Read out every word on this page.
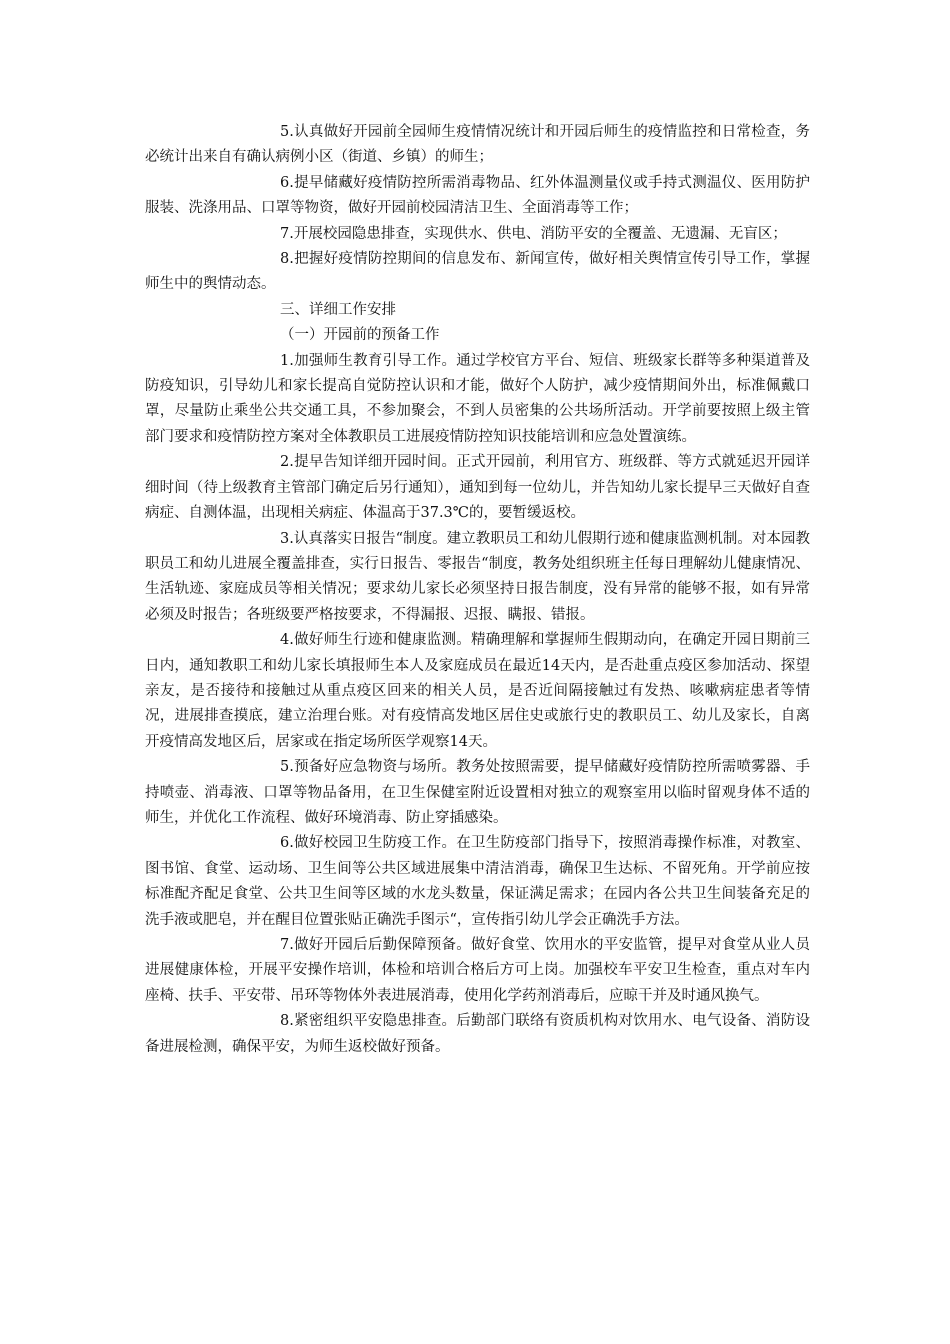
5.认真做好开园前全园师生疫情情况统计和开园后师生的疫情监控和日常检查，务必统计出来自有确认病例小区（街道、乡镇）的师生；

6.提早储藏好疫情防控所需消毒物品、红外体温测量仪或手持式测温仪、医用防护服装、洗涤用品、口罩等物资，做好开园前校园清洁卫生、全面消毒等工作；

7.开展校园隐患排查，实现供水、供电、消防平安的全覆盖、无遗漏、无盲区；

8.把握好疫情防控期间的信息发布、新闻宣传，做好相关舆情宣传引导工作，掌握师生中的舆情动态。

三、详细工作安排

（一）开园前的预备工作

1.加强师生教育引导工作。通过学校官方平台、短信、班级家长群等多种渠道普及防疫知识，引导幼儿和家长提高自觉防控认识和才能，做好个人防护，减少疫情期间外出，标准佩戴口罩，尽量防止乘坐公共交通工具，不参加聚会，不到人员密集的公共场所活动。开学前要按照上级主管部门要求和疫情防控方案对全体教职员工进展疫情防控知识技能培训和应急处置演练。

2.提早告知详细开园时间。正式开园前，利用官方、班级群、等方式就延迟开园详细时间（待上级教育主管部门确定后另行通知），通知到每一位幼儿，并告知幼儿家长提早三天做好自查病症、自测体温，出现相关病症、体温高于37.3℃的，要暂缓返校。

3.认真落实日报告“制度。建立教职员工和幼儿假期行迹和健康监测机制。对本园教职员工和幼儿进展全覆盖排查，实行日报告、零报告“制度，教务处组织班主任每日理解幼儿健康情况、生活轨迹、家庭成员等相关情况；要求幼儿家长必须坚持日报告制度，没有异常的能够不报，如有异常必须及时报告；各班级要严格按要求，不得漏报、迟报、瞒报、错报。

4.做好师生行迹和健康监测。精确理解和掌握师生假期动向，在确定开园日期前三日内，通知教职工和幼儿家长填报师生本人及家庭成员在最近14天内，是否赴重点疫区参加活动、探望亲友，是否接待和接触过从重点疫区回来的相关人员，是否近间隔接触过有发热、咳嗽病症患者等情况，进展排查摸底，建立治理台账。对有疫情高发地区居住史或旅行史的教职员工、幼儿及家长，自离开疫情高发地区后，居家或在指定场所医学观察14天。

5.预备好应急物资与场所。教务处按照需要，提早储藏好疫情防控所需喷雾器、手持喷壶、消毒液、口罩等物品备用，在卫生保健室附近设置相对独立的观察室用以临时留观身体不适的师生，并优化工作流程、做好环境消毒、防止穿插感染。

6.做好校园卫生防疫工作。在卫生防疫部门指导下，按照消毒操作标准，对教室、图书馆、食堂、运动场、卫生间等公共区域进展集中清洁消毒，确保卫生达标、不留死角。开学前应按标准配齐配足食堂、公共卫生间等区域的水龙头数量，保证满足需求；在园内各公共卫生间装备充足的洗手液或肥皂，并在醒目位置张贴正确洗手图示“，宣传指引幼儿学会正确洗手方法。

7.做好开园后后勤保障预备。做好食堂、饮用水的平安监管，提早对食堂从业人员进展健康体检，开展平安操作培训，体检和培训合格后方可上岗。加强校车平安卫生检查，重点对车内座椅、扶手、平安带、吊环等物体外表进展消毒，使用化学药剂消毒后，应晾干并及时通风换气。

8.紧密组织平安隐患排查。后勤部门联络有资质机构对饮用水、电气设备、消防设备进展检测，确保平安，为师生返校做好预备。
